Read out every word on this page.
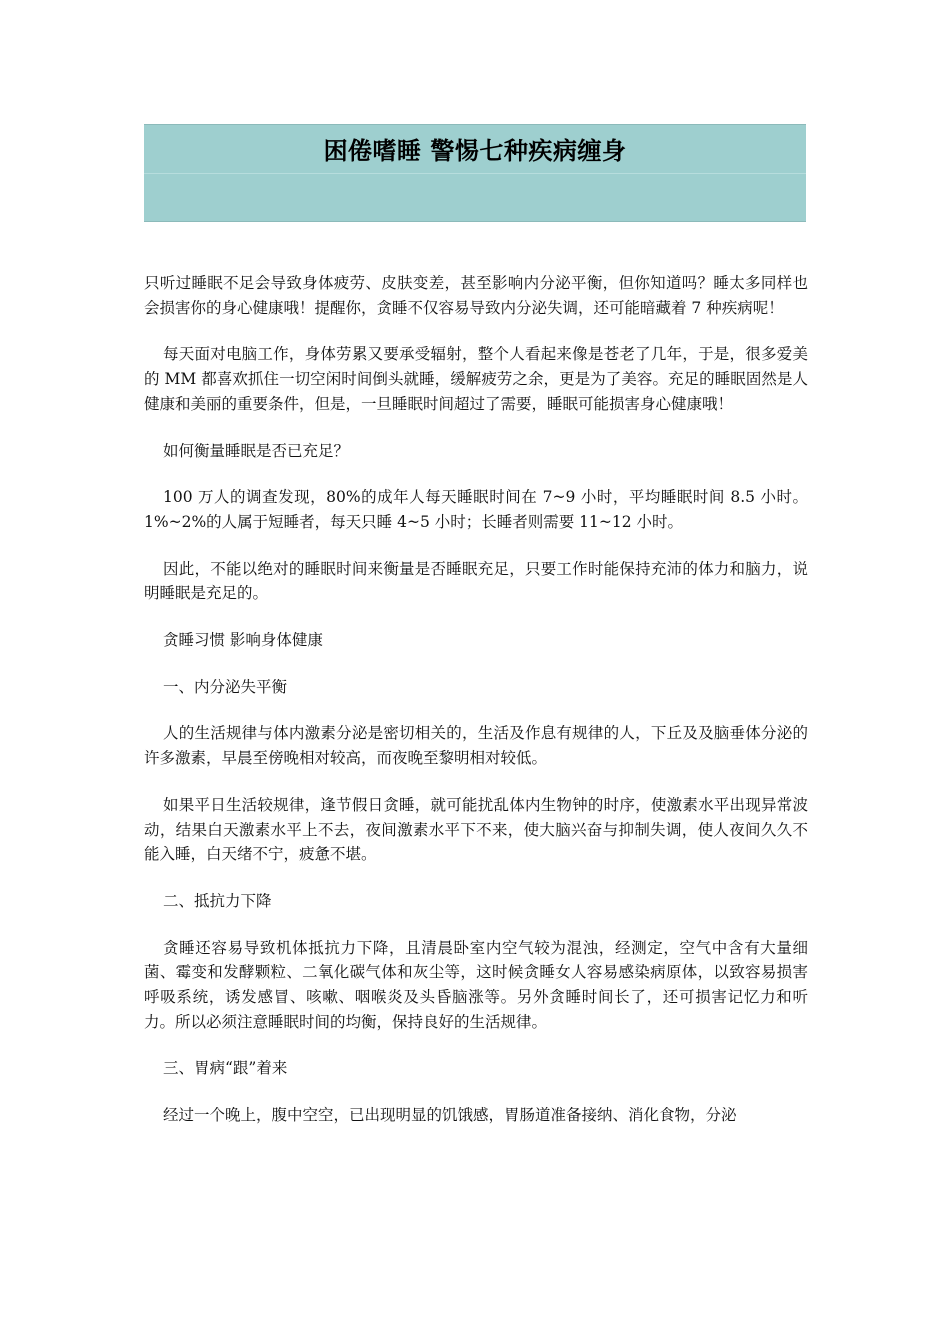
困倦嗜睡 警惕七种疾病缠身

只听过睡眠不足会导致身体疲劳、皮肤变差，甚至影响内分泌平衡，但你知道吗？睡太多同样也会损害你的身心健康哦！提醒你，贪睡不仅容易导致内分泌失调，还可能暗藏着 7 种疾病呢！

每天面对电脑工作，身体劳累又要承受辐射，整个人看起来像是苍老了几年，于是，很多爱美的 MM 都喜欢抓住一切空闲时间倒头就睡，缓解疲劳之余，更是为了美容。充足的睡眠固然是人健康和美丽的重要条件，但是，一旦睡眠时间超过了需要，睡眠可能损害身心健康哦！

如何衡量睡眠是否已充足？

100 万人的调查发现，80%的成年人每天睡眠时间在 7~9 小时，平均睡眠时间 8.5 小时。1%~2%的人属于短睡者，每天只睡 4~5 小时；长睡者则需要 11~12 小时。

因此，不能以绝对的睡眠时间来衡量是否睡眠充足，只要工作时能保持充沛的体力和脑力，说明睡眠是充足的。

贪睡习惯 影响身体健康

一、内分泌失平衡

人的生活规律与体内激素分泌是密切相关的，生活及作息有规律的人，下丘及及脑垂体分泌的许多激素，早晨至傍晚相对较高，而夜晚至黎明相对较低。

如果平日生活较规律，逢节假日贪睡，就可能扰乱体内生物钟的时序，使激素水平出现异常波动，结果白天激素水平上不去，夜间激素水平下不来，使大脑兴奋与抑制失调，使人夜间久久不能入睡，白天绪不宁，疲惫不堪。

二、抵抗力下降

贪睡还容易导致机体抵抗力下降，且清晨卧室内空气较为混浊，经测定，空气中含有大量细菌、霉变和发酵颗粒、二氧化碳气体和灰尘等，这时候贪睡女人容易感染病原体，以致容易损害呼吸系统，诱发感冒、咳嗽、咽喉炎及头昏脑涨等。另外贪睡时间长了，还可损害记忆力和听力。所以必须注意睡眠时间的均衡，保持良好的生活规律。

三、胃病“跟”着来

经过一个晚上，腹中空空，已出现明显的饥饿感，胃肠道准备接纳、消化食物，分泌
